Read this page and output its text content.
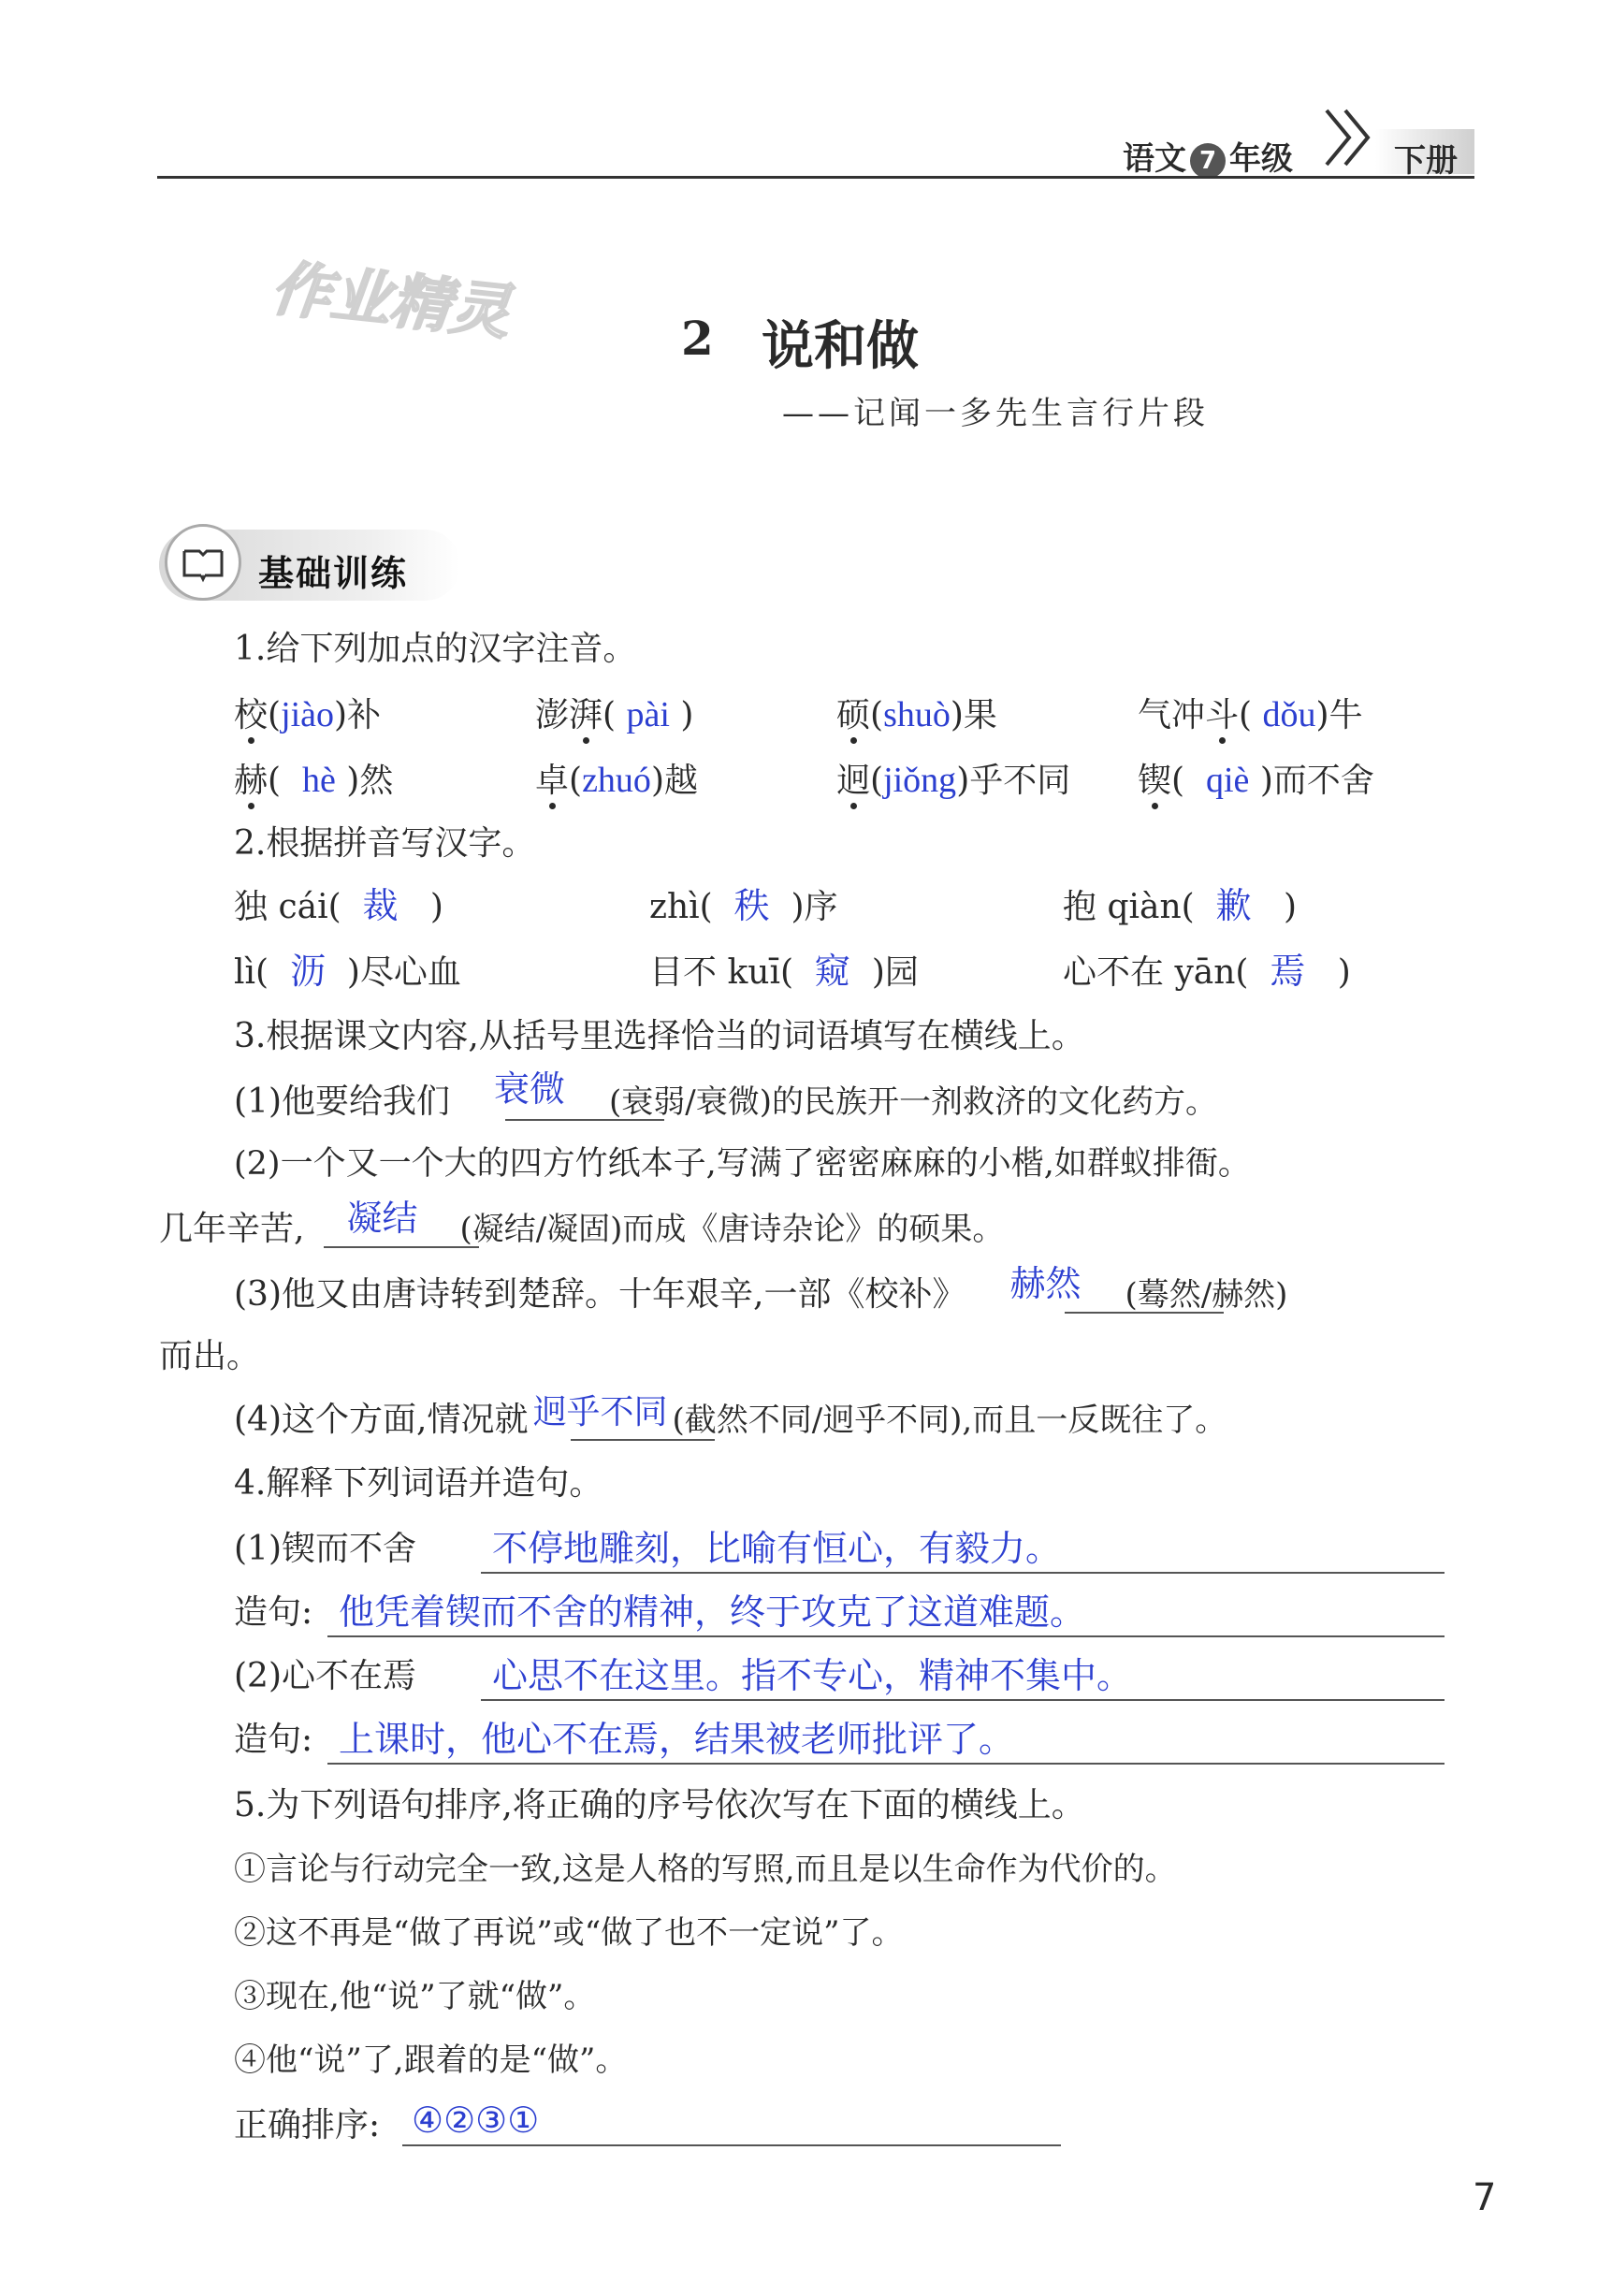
语文 7 年级	下册
作业精灵	2 说和做
——记闻一多先生言行片段
基础训练
1.给下列加点的汉字注音。
校(jiào)补	澎湃( pài )	硕(shuò)果	气冲斗( dǒu)牛
赫(  hè )然	卓(zhuó)越	迥(jiǒng)乎不同 锲(  qiè )而不舍
2.根据拼音写汉字。
独 cái( 裁 )	zhì( 秩 )序	抱 qiàn( 歉 )
lì( 沥 )尽心血	目不 kuī( 窥 )园	心不在 yān( 焉 )
3.根据课文内容,从括号里选择恰当的词语填写在横线上。
(1)他要给我们 衰微 (衰弱/衰微)的民族开一剂救济的文化药方。
(2)一个又一个大的四方竹纸本子,写满了密密麻麻的小楷,如群蚁排衙。
几年辛苦, 凝结 (凝结/凝固)而成《唐诗杂论》的硕果。
(3)他又由唐诗转到楚辞。十年艰辛,一部《校补》 赫然 (蓦然/赫然)
而出。
(4)这个方面,情况就 迥乎不同 (截然不同/迥乎不同),而且一反既往了。
4.解释下列词语并造句。
(1)锲而不舍 不停地雕刻，比喻有恒心，有毅力。
造句: 他凭着锲而不舍的精神，终于攻克了这道难题。
(2)心不在焉 心思不在这里。指不专心，精神不集中。
造句: 上课时，他心不在焉，结果被老师批评了。
5.为下列语句排序,将正确的序号依次写在下面的横线上。
①言论与行动完全一致,这是人格的写照,而且是以生命作为代价的。
②这不再是“做了再说”或“做了也不一定说”了。
③现在,他“说”了就“做”。
④他“说”了,跟着的是“做”。
正确排序: ④②③①
7
